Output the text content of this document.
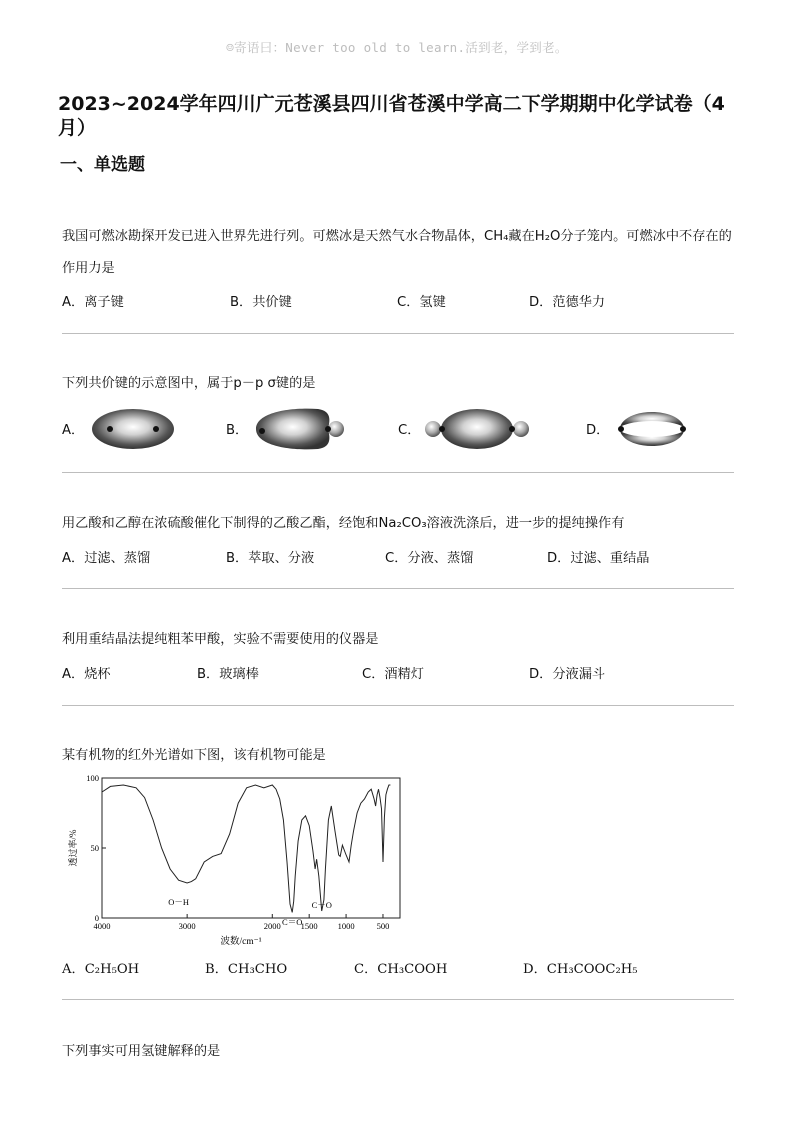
☺寄语曰：Never too old to learn.活到老，学到老。
2023~2024学年四川广元苍溪县四川省苍溪中学高二下学期期中化学试卷（4月）
一、单选题
我国可燃冰勘探开发已进入世界先进行列。可燃冰是天然气水合物晶体，CH₄藏在H₂O分子笼内。可燃冰中不存在的作用力是
A．离子键	B．共价键	C．氢键	D．范德华力
下列共价键的示意图中，属于p－p σ键的是
A．	B．	C．	D．
用乙酸和乙醇在浓硫酸催化下制得的乙酸乙酯，经饱和Na₂CO₃溶液洗涤后，进一步的提纯操作有
A．过滤、蒸馏	B．萃取、分液	C．分液、蒸馏	D．过滤、重结晶
利用重结晶法提纯粗苯甲酸，实验不需要使用的仪器是
A．烧杯	B．玻璃棒	C．酒精灯	D．分液漏斗
某有机物的红外光谱如下图，该有机物可能是
4000	3000	2000 1500 1000	500
0
50
100
波数/cm⁻¹
透过率/%
O－H
C＝O
C－O
A．C₂H₅OH	B．CH₃CHO	C．CH₃COOH	D．CH₃COOC₂H₅
下列事实可用氢键解释的是
